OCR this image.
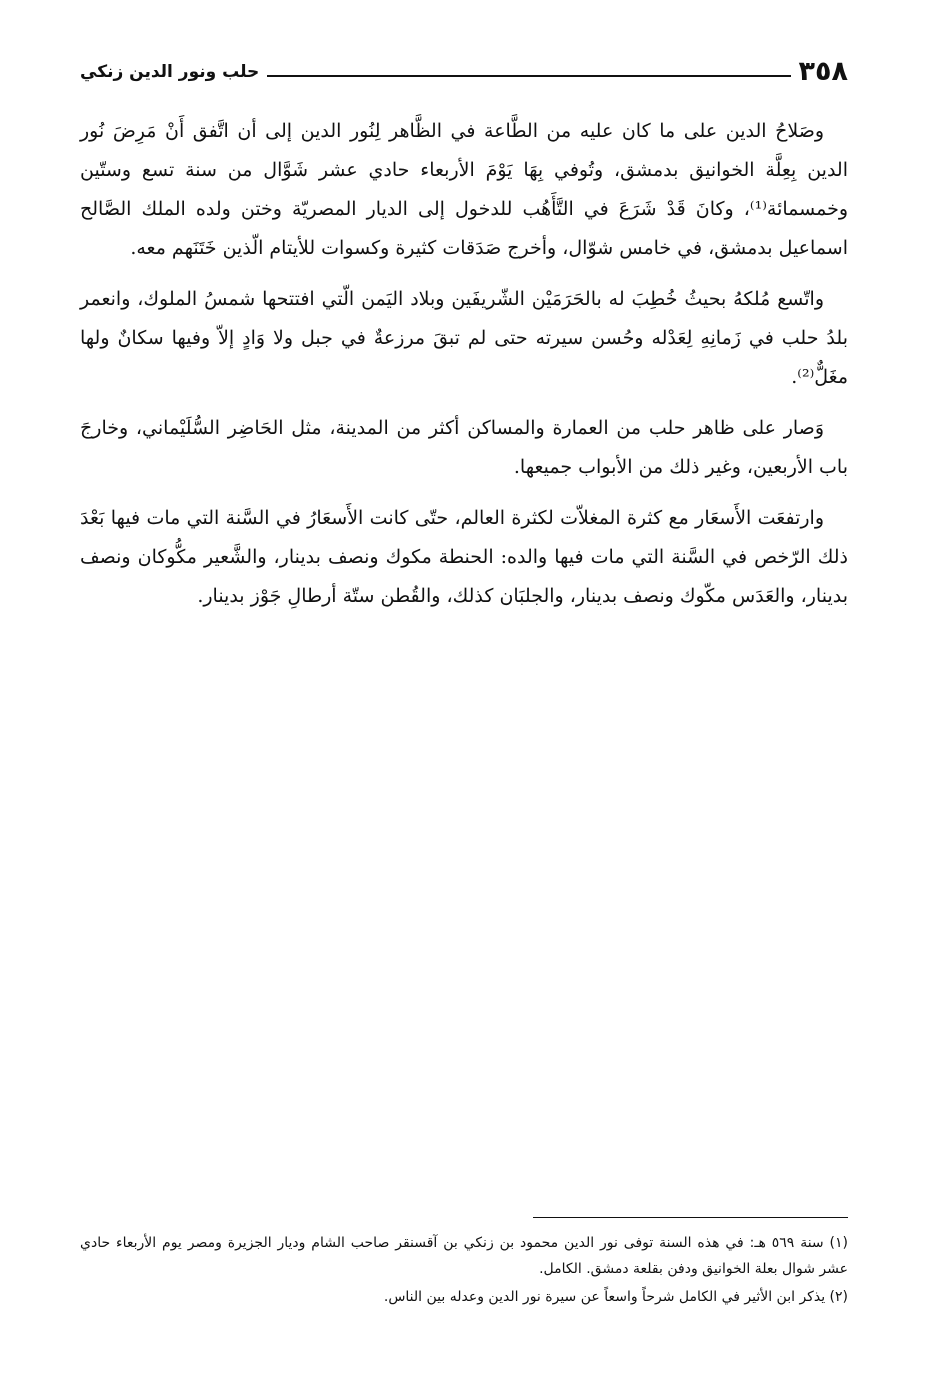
٣٥٨
حلب ونور الدين زنكي

وصَلاحُ الدين على ما كان عليه من الطَّاعة في الظَّاهر لِنُور الدين إلى أن اتَّفق أَنْ مَرِضَ نُور الدين بِعِلَّة الخوانيق بدمشق، وتُوفي بِهَا يَوْمَ الأربعاء حادي عشر شَوَّال من سنة تسع وستّين وخمسمائة⁽¹⁾، وكانَ قَدْ شَرَعَ في التَّأَهُب للدخول إلى الديار المصريّة وختن ولده الملك الصَّالح اسماعيل بدمشق، في خامس شوّال، وأخرج صَدَقات كثيرة وكسوات للأيتام الّذين خَتَنَهم معه.

واتّسع مُلكهُ بحيثُ خُطِبَ له بالحَرَمَيْن الشّريفَين وبلاد اليَمن الّتي افتتحها شمسُ الملوك، وانعمر بلدُ حلب في زَمانِهِ لِعَدْله وحُسن سيرته حتى لم تبقَ مرزعةٌ في جبل ولا وَادٍ إلاّ وفيها سكانٌ ولها مغَلٌّ⁽²⁾.

وَصار على ظاهر حلب من العمارة والمساكن أكثر من المدينة، مثل الحَاضِر السُّلَيْماني، وخارجَ باب الأربعين، وغير ذلك من الأبواب جميعها.

وارتفعَت الأَسعَار مع كثرة المغلاّت لكثرة العالم، حتّى كانت الأَسعَارُ في السَّنة التي مات فيها بَعْدَ ذلك الرّخص في السَّنة التي مات فيها والده: الحنطة مكوك ونصف بدينار، والشَّعير مكُّوكان ونصف بدينار، والعَدَس مكّوك ونصف بدينار، والجلبَان كذلك، والقُطن ستّة أرطالِ جَوْز بدينار.

(١) سنة ٥٦٩ هـ: في هذه السنة توفى نور الدين محمود بن زنكي بن آقسنقر صاحب الشام وديار الجزيرة ومصر يوم الأربعاء حادي عشر شوال بعلة الخوانيق ودفن بقلعة دمشق. الكامل.

(٢) يذكر ابن الأثير في الكامل شرحاً واسعاً عن سيرة نور الدين وعدله بين الناس.
